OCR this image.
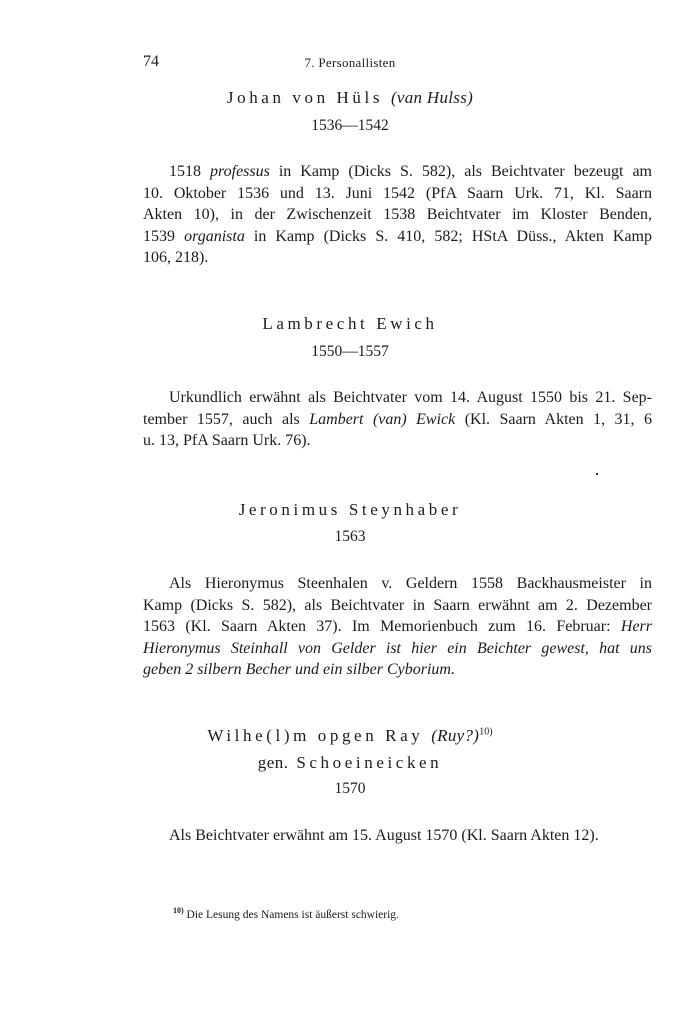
74	7. Personallisten
Johan von Hüls (van Hulss)
1536—1542
1518 professus in Kamp (Dicks S. 582), als Beichtvater bezeugt am
10. Oktober 1536 und 13. Juni 1542 (PfA Saarn Urk. 71, Kl. Saarn
Akten 10), in der Zwischenzeit 1538 Beichtvater im Kloster Benden,
1539 organista in Kamp (Dicks S. 410, 582; HStA Düss., Akten Kamp
106, 218).
Lambrecht Ewich
1550—1557
Urkundlich erwähnt als Beichtvater vom 14. August 1550 bis 21. Sep-
tember 1557, auch als Lambert (van) Ewick (Kl. Saarn Akten 1, 31, 6
u. 13, PfA Saarn Urk. 76).
Jeronimus Steynhaber
1563
Als Hieronymus Steenhalen v. Geldern 1558 Backhausmeister in
Kamp (Dicks S. 582), als Beichtvater in Saarn erwähnt am 2. Dezember
1563 (Kl. Saarn Akten 37). Im Memorienbuch zum 16. Februar: Herr
Hieronymus Steinhall von Gelder ist hier ein Beichter gewest, hat uns
geben 2 silbern Becher und ein silber Cyborium.
Wilhe(l)m opgen Ray (Ruy?)$^{10)}$
gen. Schoeineicken
1570
Als Beichtvater erwähnt am 15. August 1570 (Kl. Saarn Akten 12).
$^{10)}$ Die Lesung des Namens ist äußerst schwierig.
